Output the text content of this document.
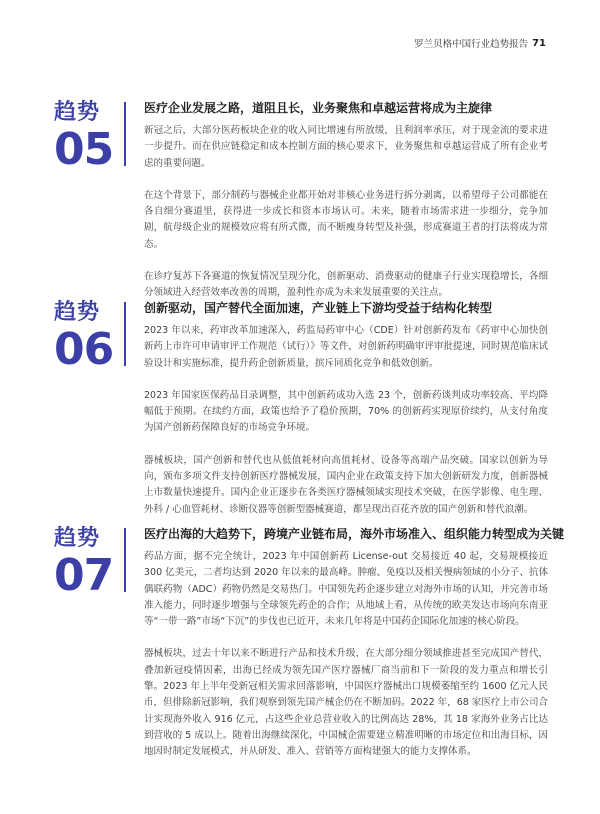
罗兰贝格中国行业趋势报告 71
趋势
05
医疗企业发展之路，道阻且长，业务聚焦和卓越运营将成为主旋律

新冠之后，大部分医药板块企业的收入同比增速有所放缓，且利润率承压，对于现金流的要求进一步提升。而在供应链稳定和成本控制方面的核心要求下，业务聚焦和卓越运营成了所有企业考虑的重要问题。

在这个背景下，部分制药与器械企业都开始对非核心业务进行拆分剥离，以希望母子公司都能在各自细分赛道里，获得进一步成长和资本市场认可。未来，随着市场需求进一步细分，竞争加剧，航母级企业的规模效应将有所式微，而不断瘦身转型及补强，形成赛道王者的打法将成为常态。

在诊疗复苏下各赛道的恢复情况呈现分化，创新驱动、消费驱动的健康子行业实现稳增长，各细分领域进入经营效率改善的周期，盈利性亦成为未来发展重要的关注点。

趋势
06
创新驱动，国产替代全面加速，产业链上下游均受益于结构化转型

2023 年以来，药审改革加速深入，药监局药审中心（CDE）针对创新药发布《药审中心加快创新药上市许可申请审评工作规范（试行）》等文件，对创新药明确审评审批提速，同时规范临床试验设计和实施标准，提升药企创新质量，摈斥同质化竞争和低效创新。

2023 年国家医保药品目录调整，其中创新药成功入选 23 个，创新药谈判成功率较高、平均降幅低于预期。在续约方面，政策也给予了稳价预期，70% 的创新药实现原价续约，从支付角度为国产创新药保障良好的市场竞争环境。

器械板块，国产创新和替代也从低值耗材向高值耗材、设备等高端产品突破。国家以创新为导向，颁布多项文件支持创新医疗器械发展，国内企业在政策支持下加大创新研发力度，创新器械上市数量快速提升。国内企业正逐步在各类医疗器械领域实现技术突破，在医学影像、电生理、外科 / 心血管耗材、诊断仪器等创新型器械赛道，都呈现出百花齐放的国产创新和替代浪潮。

趋势
07
医疗出海的大趋势下，跨境产业链布局，海外市场准入、组织能力转型成为关键

药品方面，据不完全统计，2023 年中国创新药 License-out 交易接近 40 起，交易规模接近 300 亿美元，二者均达到 2020 年以来的最高峰。肿瘤、免疫以及相关慢病领域的小分子、抗体偶联药物（ADC）药物仍然是交易热门。中国领先药企逐步建立对海外市场的认知，并完善市场准入能力，同时逐步增强与全球领先药企的合作；从地域上看，从传统的欧美发达市场向东南亚等“一带一路”市场“下沉”的步伐也已近开，未来几年将是中国药企国际化加速的核心阶段。

器械板块，过去十年以来不断进行产品和技术升级，在大部分细分领域推进甚至完成国产替代，叠加新冠疫情因素，出海已经成为领先国产医疗器械厂商当前和下一阶段的发力重点和增长引擎。2023 年上半年受新冠相关需求回落影响，中国医疗器械出口规模萎缩至约 1600 亿元人民币，但排除新冠影响，我们观察到领先国产械企仍在不断加码。2022 年，68 家医疗上市公司合计实现海外收入 916 亿元，占这些企业总营业收入的比例高达 28%，其 18 家海外业务占比达到营收的 5 成以上。随着出海继续深化，中国械企需要建立精准明晰的市场定位和出海目标，因地因时制定发展模式，并从研发、准入、营销等方面构建强大的能力支撑体系。
